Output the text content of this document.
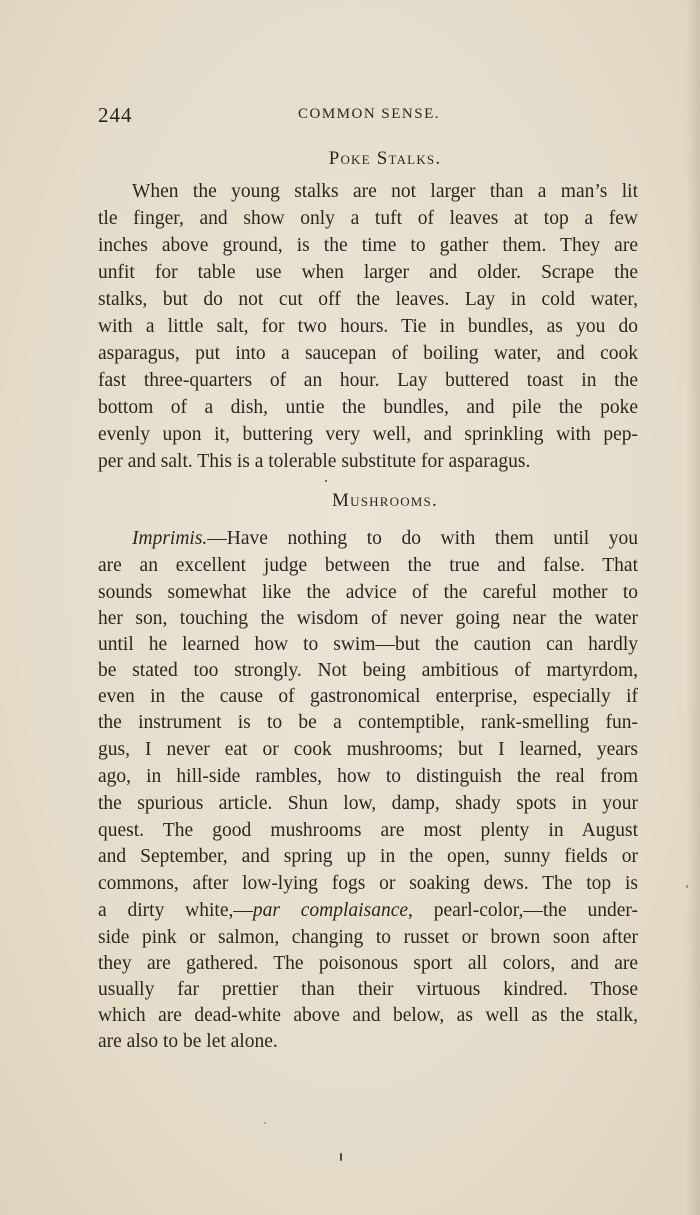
244	COMMON SENSE.
Poke Stalks.
When the young stalks are not larger than a man’s lit
tle finger, and show only a tuft of leaves at top a few
inches above ground, is the time to gather them. They are
unfit for table use when larger and older. Scrape the
stalks, but do not cut off the leaves. Lay in cold water,
with a little salt, for two hours. Tie in bundles, as you do
asparagus, put into a saucepan of boiling water, and cook
fast three-quarters of an hour. Lay buttered toast in the
bottom of a dish, untie the bundles, and pile the poke
evenly upon it, buttering very well, and sprinkling with pep-
per and salt. This is a tolerable substitute for asparagus.
Mushrooms.
Imprimis.—Have nothing to do with them until you
are an excellent judge between the true and false. That
sounds somewhat like the advice of the careful mother to
her son, touching the wisdom of never going near the water
until he learned how to swim—but the caution can hardly
be stated too strongly. Not being ambitious of martyrdom,
even in the cause of gastronomical enterprise, especially if
the instrument is to be a contemptible, rank-smelling fun-
gus, I never eat or cook mushrooms; but I learned, years
ago, in hill-side rambles, how to distinguish the real from
the spurious article. Shun low, damp, shady spots in your
quest. The good mushrooms are most plenty in August
and September, and spring up in the open, sunny fields or
commons, after low-lying fogs or soaking dews. The top is
a dirty white,—par complaisance, pearl-color,—the under-
side pink or salmon, changing to russet or brown soon after
they are gathered. The poisonous sport all colors, and are
usually far prettier than their virtuous kindred. Those
which are dead-white above and below, as well as the stalk,
are also to be let alone.
